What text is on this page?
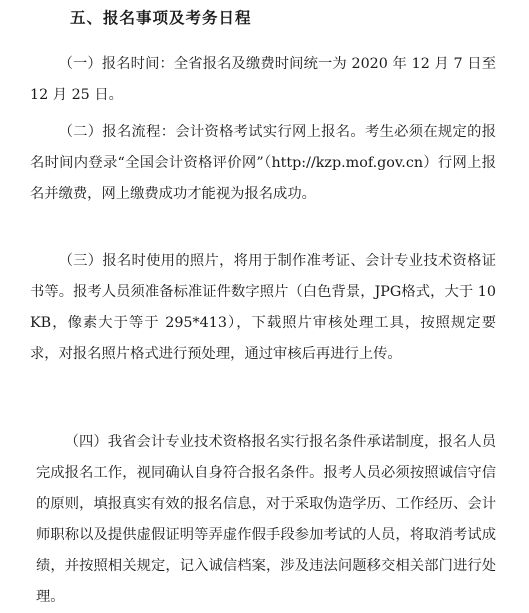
五、报名事项及考务日程

（一）报名时间：全省报名及缴费时间统一为 2020 年 12 月 7 日至 12 月 25 日。

（二）报名流程：会计资格考试实行网上报名。考生必须在规定的报名时间内登录“全国会计资格评价网”（http://kzp.mof.gov.cn）行网上报名并缴费，网上缴费成功才能视为报名成功。

（三）报名时使用的照片，将用于制作准考证、会计专业技术资格证书等。报考人员须准备标准证件数字照片（白色背景，JPG格式，大于 10KB，像素大于等于 295*413），下载照片审核处理工具，按照规定要求，对报名照片格式进行预处理，通过审核后再进行上传。

（四）我省会计专业技术资格报名实行报名条件承诺制度，报名人员完成报名工作，视同确认自身符合报名条件。报考人员必须按照诚信守信的原则，填报真实有效的报名信息，对于采取伪造学历、工作经历、会计师职称以及提供虚假证明等弄虚作假手段参加考试的人员，将取消考试成绩，并按照相关规定，记入诚信档案，涉及违法问题移交相关部门进行处理。
